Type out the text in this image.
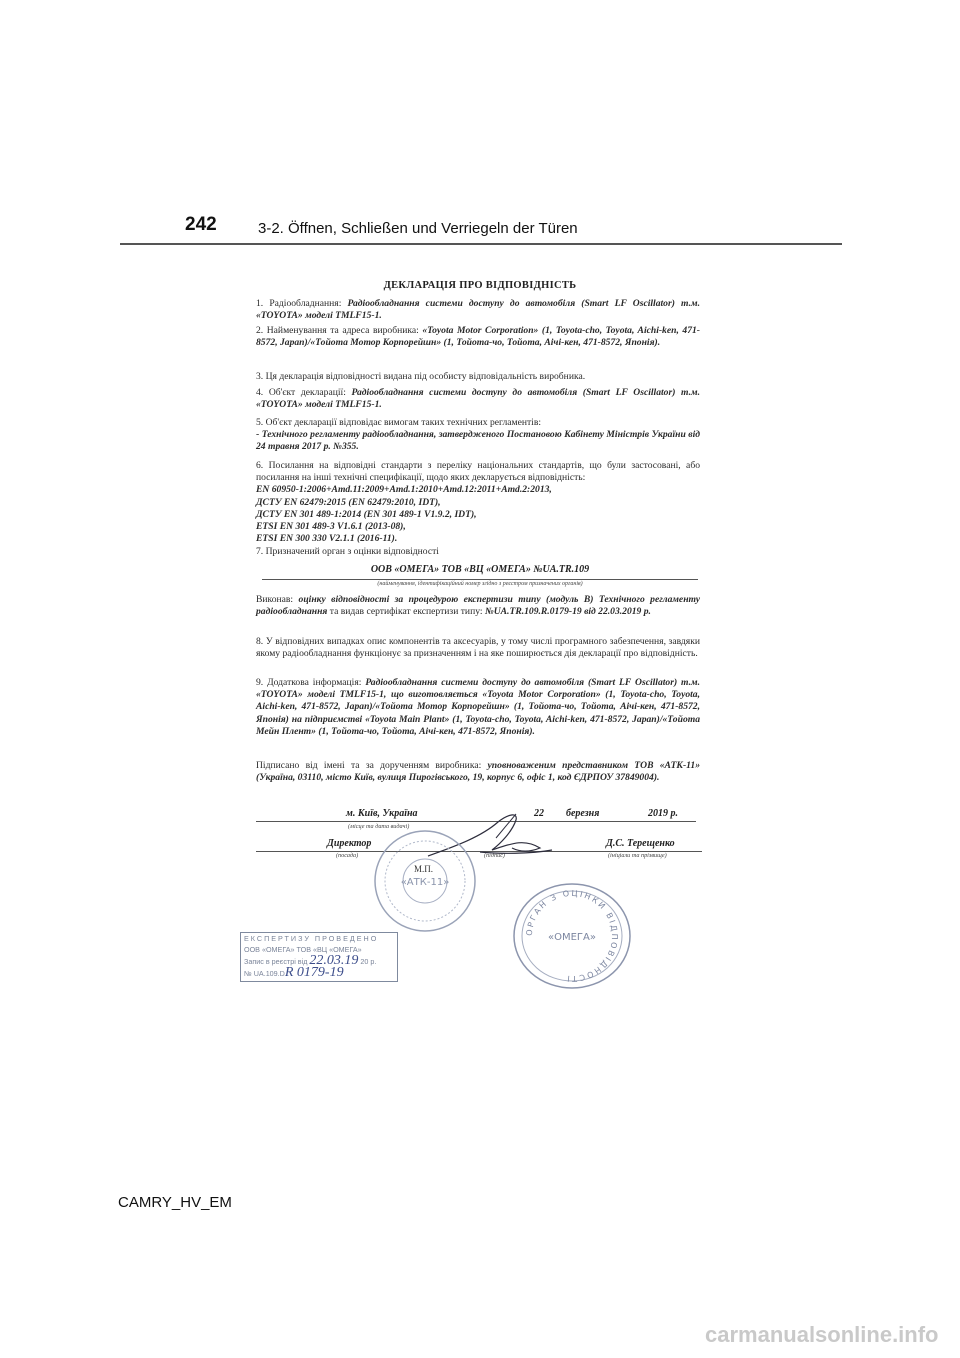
242	3-2. Öffnen, Schließen und Verriegeln der Türen
ДЕКЛАРАЦІЯ ПРО ВІДПОВІДНІСТЬ

1. Радіообладнання: Радіообладнання системи доступу до автомобіля (Smart LF Oscillator) т.м. «TOYOTA» моделі TMLF15-1.

2. Найменування та адреса виробника: «Toyota Motor Corporation» (1, Toyota-cho, Toyota, Aichi-ken, 471-8572, Japan)/«Тойота Мотор Корпорейшн» (1, Тойота-чо, Тойота, Аічі-кен, 471-8572, Японія).

3. Ця декларація відповідності видана під особисту відповідальність виробника.

4. Об'єкт декларації: Радіообладнання системи доступу до автомобіля (Smart LF Oscillator) т.м. «TOYOTA» моделі TMLF15-1.

5. Об'єкт декларації відповідає вимогам таких технічних регламентів:

- Технічного регламенту радіообладнання, затвердженого Постановою Кабінету Міністрів України від 24 травня 2017 р. №355.

6. Посилання на відповідні стандарти з переліку національних стандартів, що були застосовані, або посилання на інші технічні специфікації, щодо яких декларується відповідність:

EN 60950-1:2006+Amd.11:2009+Amd.1:2010+Amd.12:2011+Amd.2:2013,

ДСТУ EN 62479:2015 (EN 62479:2010, IDT),

ДСТУ EN 301 489-1:2014 (EN 301 489-1 V1.9.2, IDT),

ETSI EN 301 489-3 V1.6.1 (2013-08),

ETSI EN 300 330 V2.1.1 (2016-11).

7. Призначений орган з оцінки відповідності

ООВ «ОМЕГА» ТОВ «ВЦ «ОМЕГА» №UA.TR.109
(найменування, ідентифікаційний номер згідно з реєстром призначених органів)

Виконав: оцінку відповідності за процедурою експертизи типу (модуль В) Технічного регламенту радіообладнання та видав сертифікат експертизи типу: №UA.TR.109.R.0179-19 від 22.03.2019 р.

8. У відповідних випадках опис компонентів та аксесуарів, у тому числі програмного забезпечення, завдяки якому радіообладнання функціонує за призначенням і на яке поширюється дія декларації про відповідність.

9. Додаткова інформація: Радіообладнання системи доступу до автомобіля (Smart LF Oscillator) т.м. «TOYOTA» моделі TMLF15-1, що виготовляється «Toyota Motor Corporation» (1, Toyota-cho, Toyota, Aichi-ken, 471-8572, Japan)/«Тойота Мотор Корпорейшн» (1, Тойота-чо, Тойота, Аічі-кен, 471-8572, Японія) на підприємстві «Toyota Main Plant» (1, Toyota-cho, Toyota, Aichi-ken, 471-8572, Japan)/«Тойота Мейн Плент» (1, Тойота-чо, Тойота, Аічі-кен, 471-8572, Японія).

Підписано від імені та за дорученням виробника: уповноваженим представником ТОВ «АТК-11» (Україна, 03110, місто Київ, вулиця Пирогівського, 19, корпус 6, офіс 1, код ЄДРПОУ 37849004).

м. Київ, Україна	22 березня	2019 р.
(місце та дата видачі)
Директор	Д.С. Терещенко
(посада)	(підпис)	(ініціали та прізвище)
«АТК-11»
М.П.
ОРГАН З ОЦІНКИ ВІДПОВІДНОСТІ
«ОМЕГА»
ЕКСПЕРТИЗУ ПРОВЕДЕНО
ООВ «ОМЕГА» ТОВ «ВЦ «ОМЕГА»
Запис в реєстрі від 22.03.19 20 р.
№ UA.109.DR 0179-19
CAMRY_HV_EM
carmanualsonline.info
